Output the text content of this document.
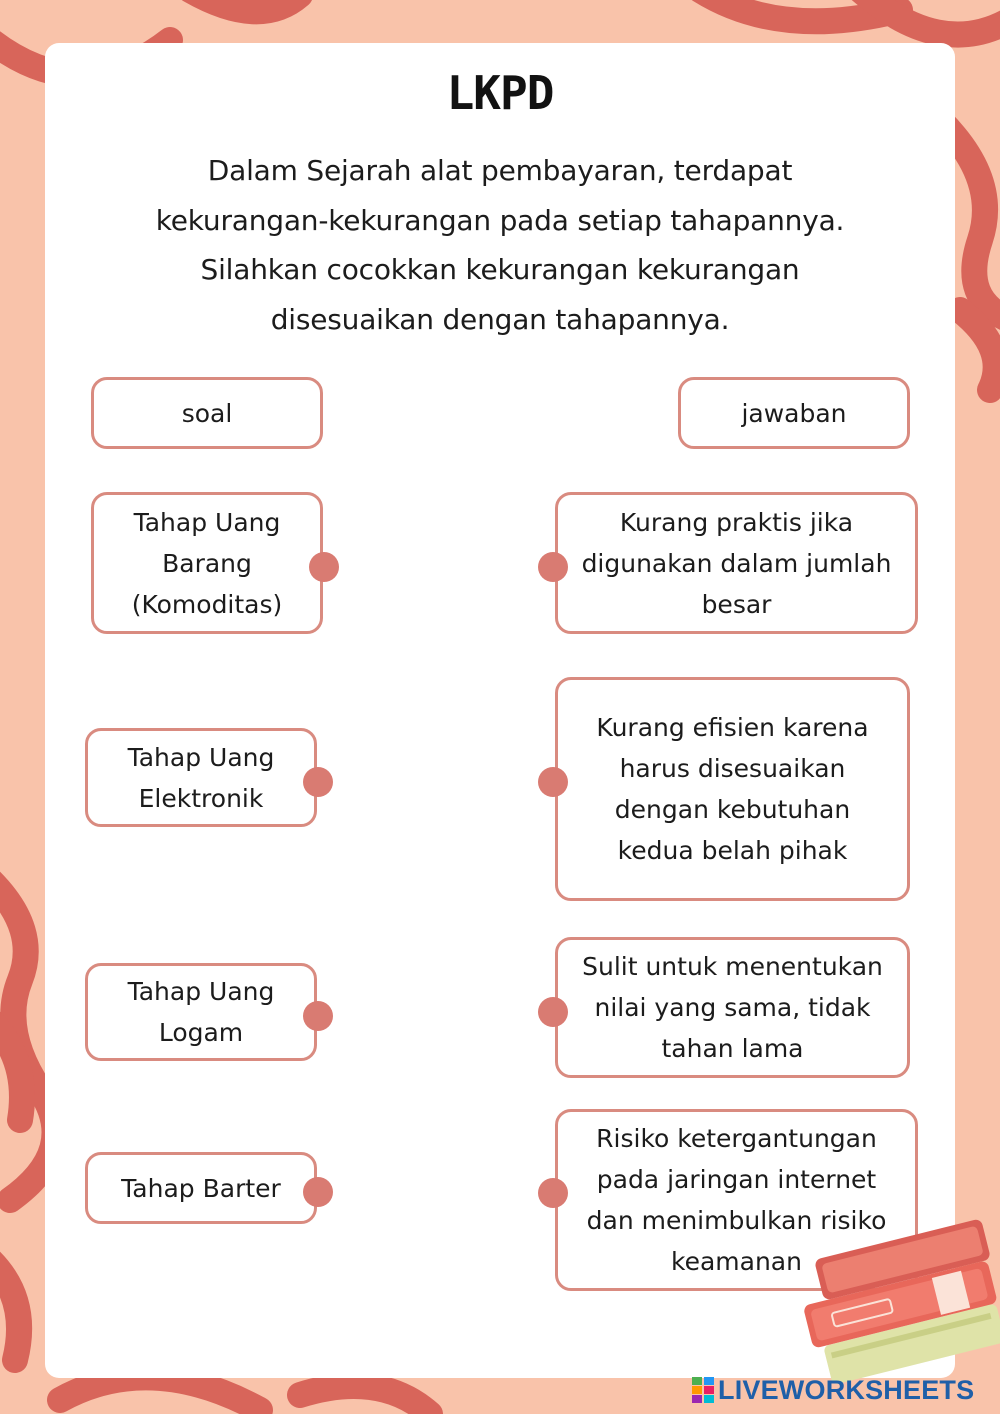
LKPD
Dalam Sejarah alat pembayaran, terdapat kekurangan-kekurangan pada setiap tahapannya. Silahkan cocokkan kekurangan kekurangan disesuaikan dengan tahapannya.
soal	jawaban
Tahap Uang Barang (Komoditas)
Tahap Uang Elektronik
Tahap Uang Logam
Tahap Barter
Kurang praktis jika digunakan dalam jumlah besar
Kurang efisien karena harus disesuaikan dengan kebutuhan kedua belah pihak
Sulit untuk menentukan nilai yang sama, tidak tahan lama
Risiko ketergantungan pada jaringan internet dan menimbulkan risiko keamanan
LIVEWORKSHEETS
